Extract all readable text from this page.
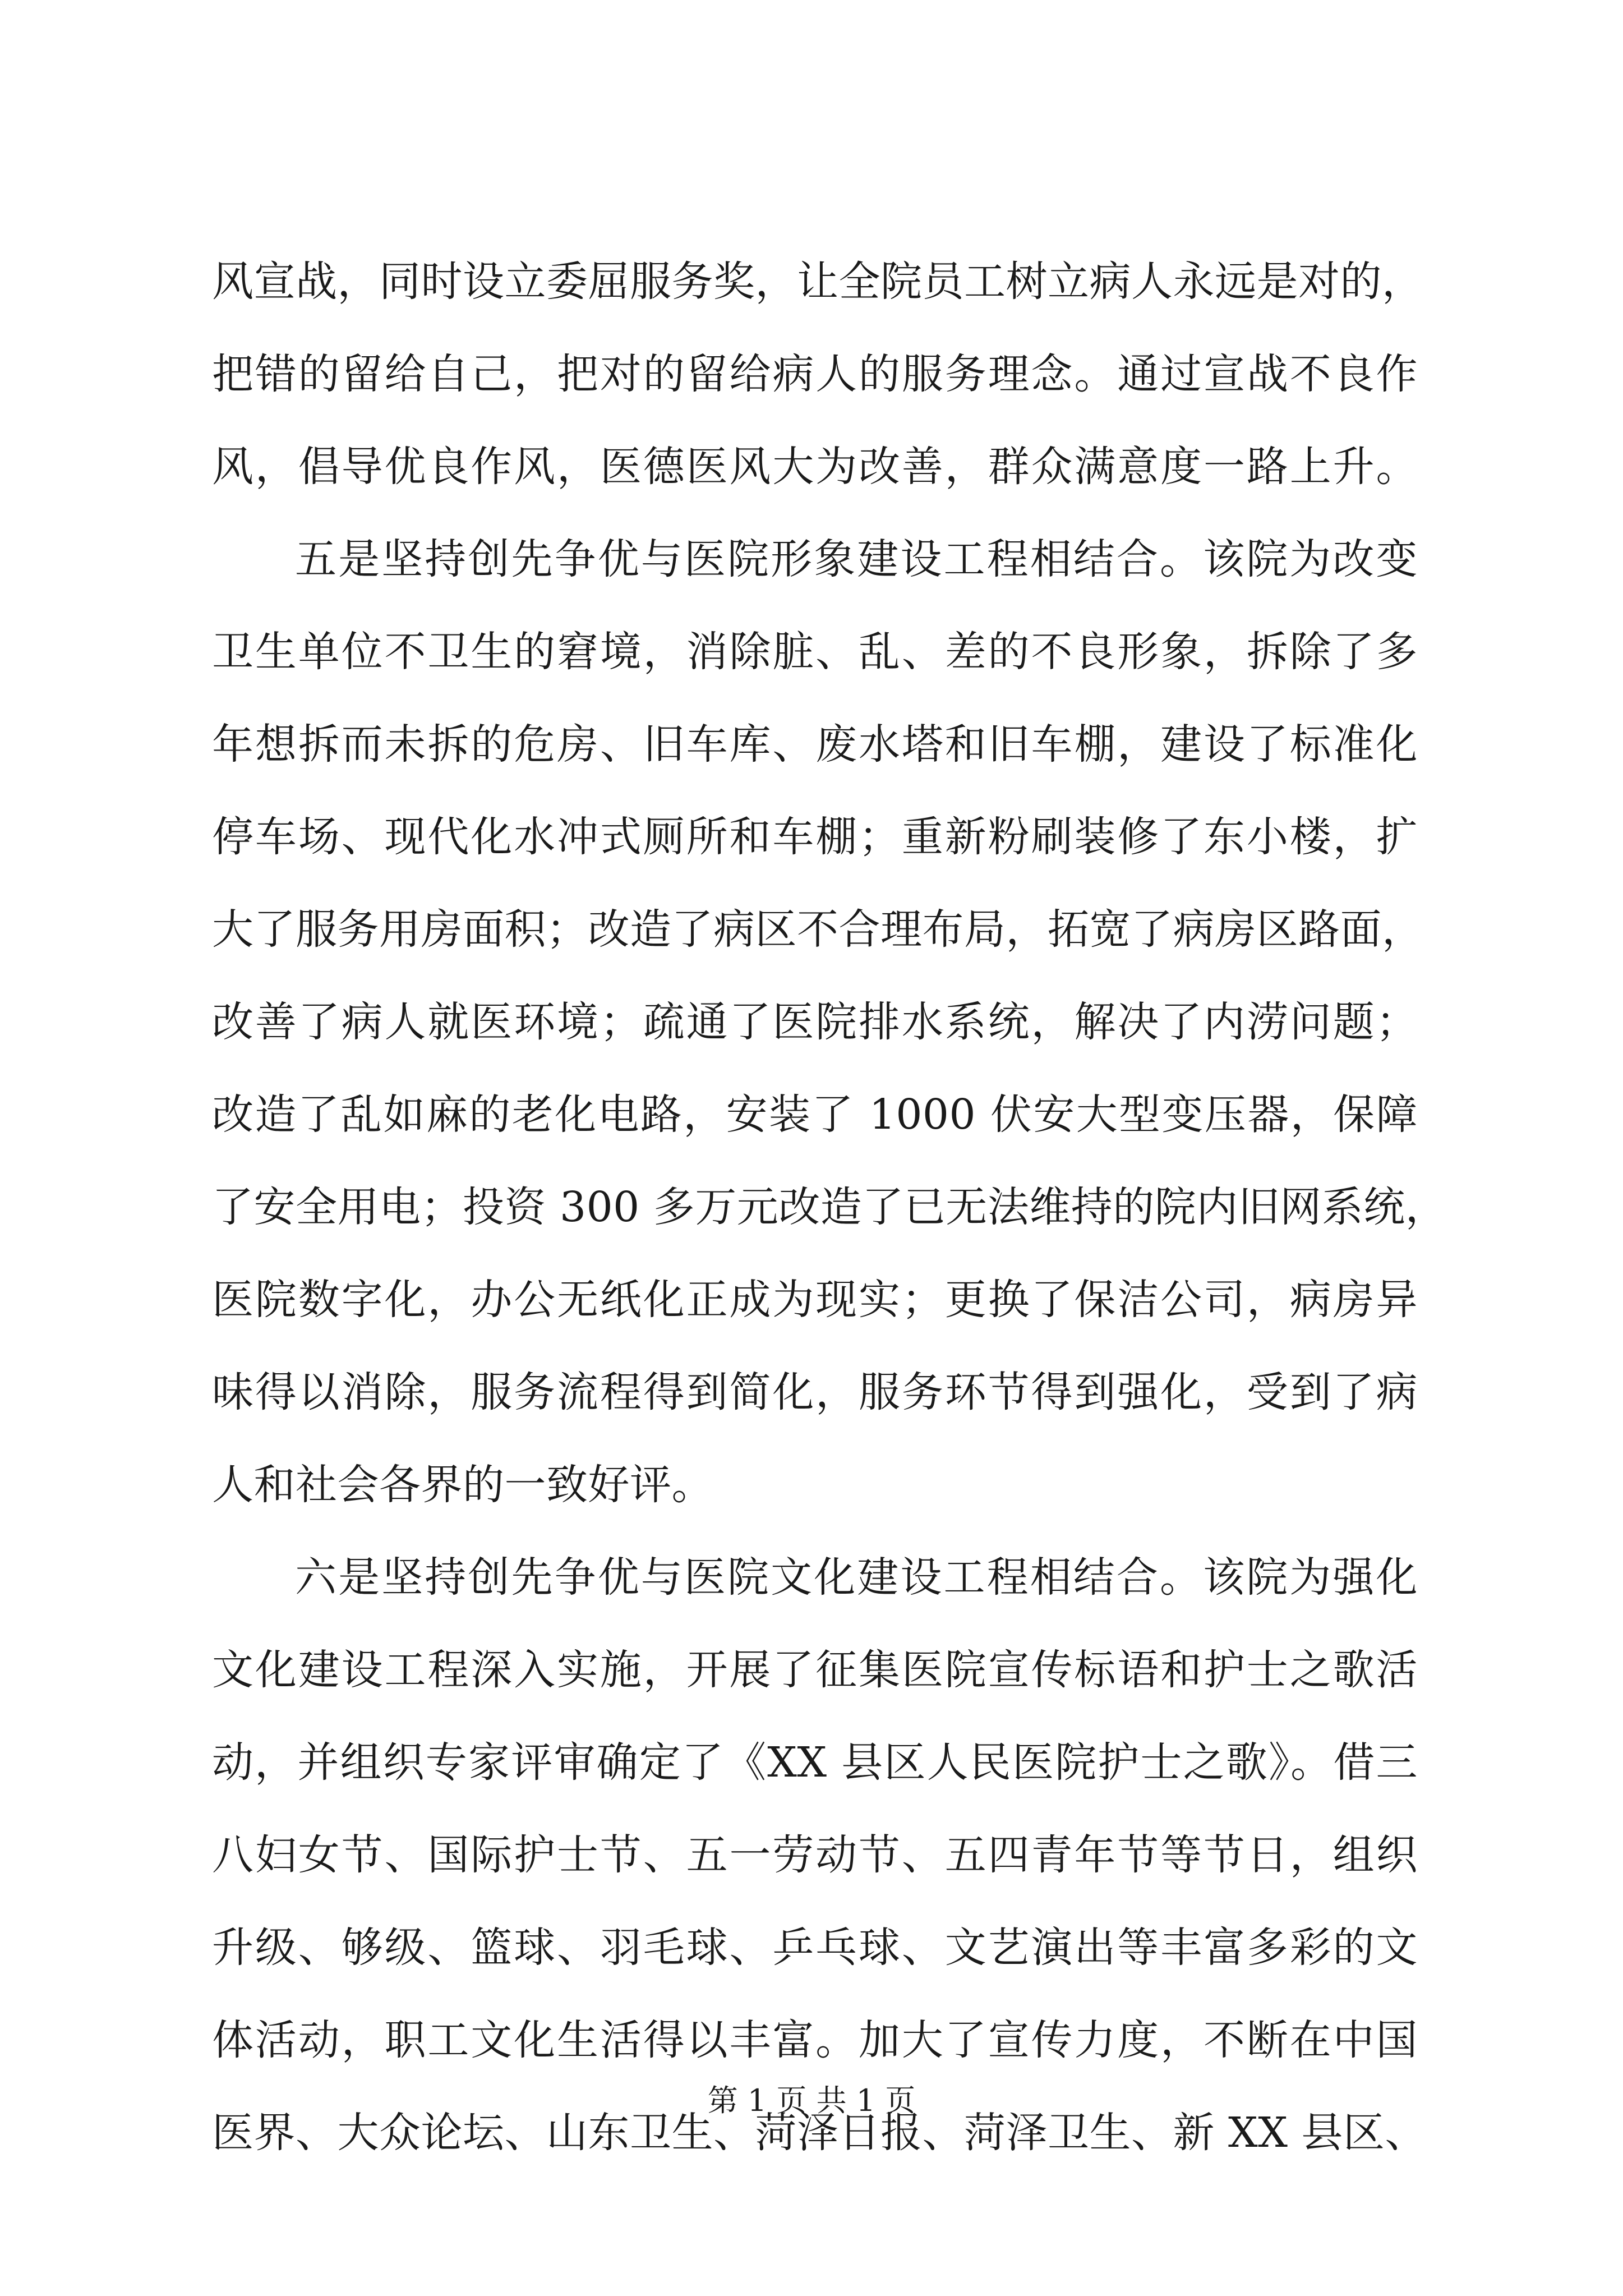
风宣战，同时设立委屈服务奖，让全院员工树立病人永远是对的，
把错的留给自己，把对的留给病人的服务理念。通过宣战不良作
风，倡导优良作风，医德医风大为改善，群众满意度一路上升。
五是坚持创先争优与医院形象建设工程相结合。该院为改变
卫生单位不卫生的窘境，消除脏、乱、差的不良形象，拆除了多
年想拆而未拆的危房、旧车库、废水塔和旧车棚，建设了标准化
停车场、现代化水冲式厕所和车棚；重新粉刷装修了东小楼，扩
大了服务用房面积；改造了病区不合理布局，拓宽了病房区路面，
改善了病人就医环境；疏通了医院排水系统，解决了内涝问题；
改造了乱如麻的老化电路，安装了 1000 伏安大型变压器，保障
了安全用电；投资 300 多万元改造了已无法维持的院内旧网系统，
医院数字化，办公无纸化正成为现实；更换了保洁公司，病房异
味得以消除，服务流程得到简化，服务环节得到强化，受到了病
人和社会各界的一致好评。
六是坚持创先争优与医院文化建设工程相结合。该院为强化
文化建设工程深入实施，开展了征集医院宣传标语和护士之歌活
动，并组织专家评审确定了《XX 县区人民医院护士之歌》。借三
八妇女节、国际护士节、五一劳动节、五四青年节等节日，组织
升级、够级、篮球、羽毛球、乒乓球、文艺演出等丰富多彩的文
体活动，职工文化生活得以丰富。加大了宣传力度，不断在中国
医界、大众论坛、山东卫生、菏泽日报、菏泽卫生、新 XX 县区、
第 1 页 共 1 页
